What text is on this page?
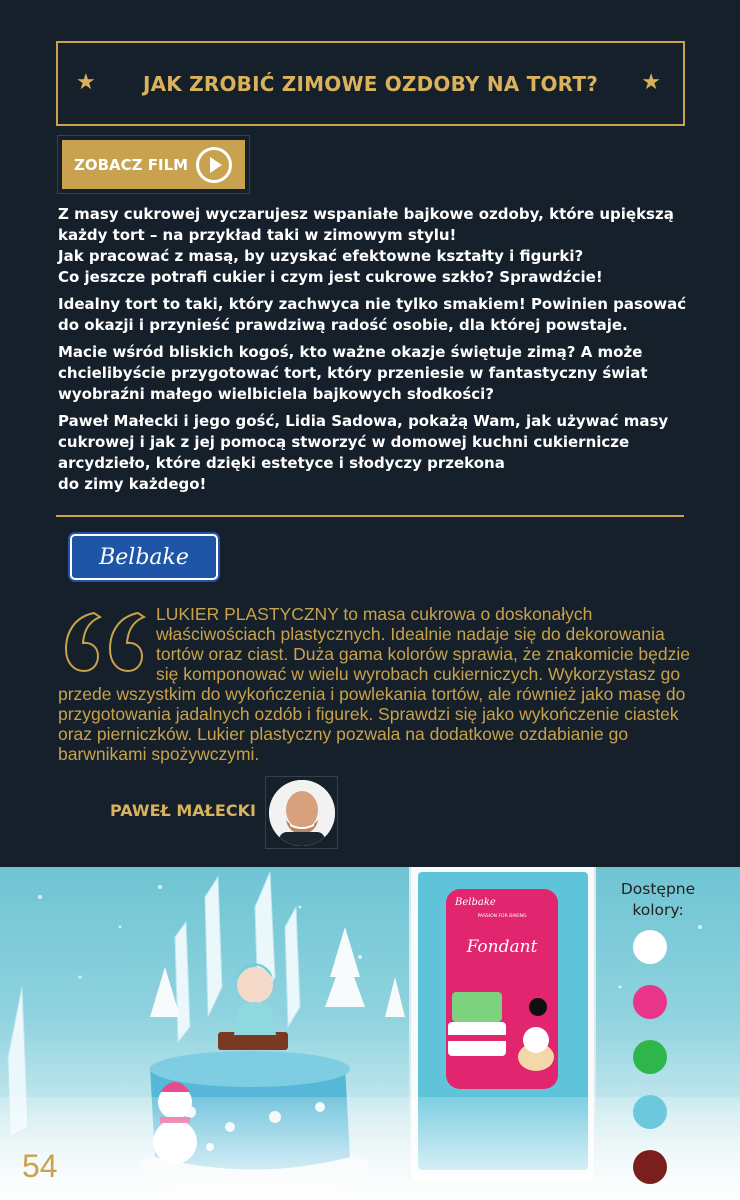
★ JAK ZROBIĆ ZIMOWE OZDOBY NA TORT? ★
ZOBACZ FILM

Z masy cukrowej wyczarujesz wspaniałe bajkowe ozdoby, które upiększą
każdy tort – na przykład taki w zimowym stylu!
Jak pracować z masą, by uzyskać efektowne kształty i figurki?
Co jeszcze potrafi cukier i czym jest cukrowe szkło? Sprawdźcie!

Idealny tort to taki, który zachwyca nie tylko smakiem! Powinien pasować
do okazji i przynieść prawdziwą radość osobie, dla której powstaje.

Macie wśród bliskich kogoś, kto ważne okazje świętuje zimą? A może
chcielibyście przygotować tort, który przeniesie w fantastyczny świat
wyobraźni małego wielbiciela bajkowych słodkości?

Paweł Małecki i jego gość, Lidia Sadowa, pokażą Wam, jak używać masy
cukrowej i jak z jej pomocą stworzyć w domowej kuchni cukiernicze
arcydzieło, które dzięki estetyce i słodyczy przekona
do zimy każdego!

Belbake
LUKIER PLASTYCZNY to masa cukrowa o doskonałych właściwościach plastycznych. Idealnie nadaje się do dekorowania tortów oraz ciast. Duża gama kolorów sprawia, że znakomicie będzie się komponować w wielu wyrobach cukierniczych. Wykorzystasz go przede wszystkim do wykończenia i powlekania tortów, ale również jako masę do przygotowania jadalnych ozdób i figurek. Sprawdzi się jako wykończenie ciastek oraz pierniczków. Lukier plastyczny pozwala na dodatkowe ozdabianie go barwnikami spożywczymi.
PAWEŁ MAŁECKI
Belbake
PASSION FOR BAKING
Fondant
Dostępne kolory:
54
